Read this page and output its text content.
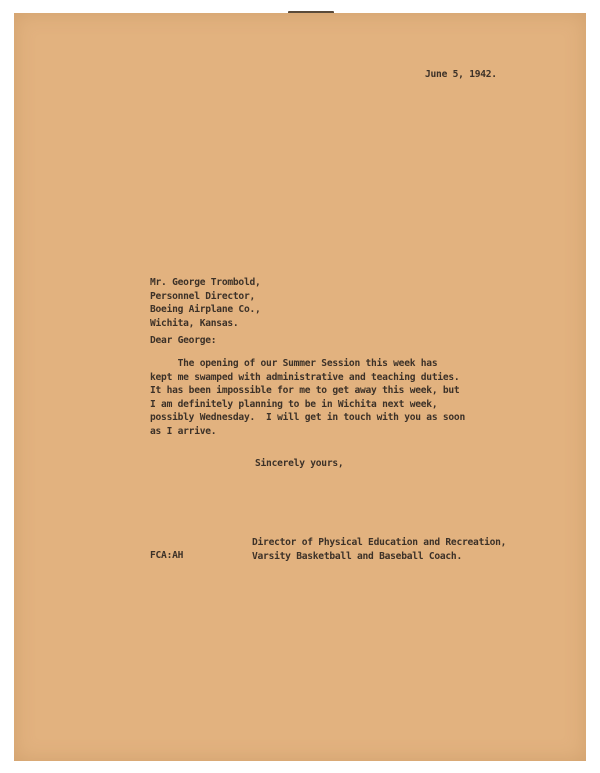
June 5, 1942.
Mr. George Trombold,
Personnel Director,
Boeing Airplane Co.,
Wichita, Kansas.
Dear George:
The opening of our Summer Session this week has
kept me swamped with administrative and teaching duties.
It has been impossible for me to get away this week, but
I am definitely planning to be in Wichita next week,
possibly Wednesday.  I will get in touch with you as soon
as I arrive.
Sincerely yours,
Director of Physical Education and Recreation,
Varsity Basketball and Baseball Coach.
FCA:AH
